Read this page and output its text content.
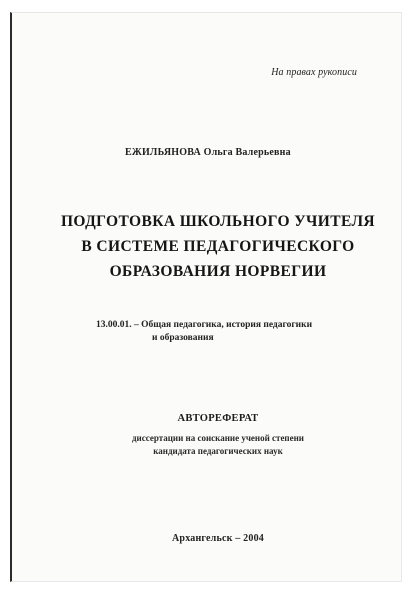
На правах рукописи
ЕЖИЛЬЯНОВА Ольга Валерьевна
ПОДГОТОВКА ШКОЛЬНОГО УЧИТЕЛЯ
В СИСТЕМЕ ПЕДАГОГИЧЕСКОГО
ОБРАЗОВАНИЯ НОРВЕГИИ
13.00.01. – Общая педагогика, история педагогики
и образования
АВТОРЕФЕРАТ
диссертации на соискание ученой степени
кандидата педагогических наук
Архангельск – 2004
